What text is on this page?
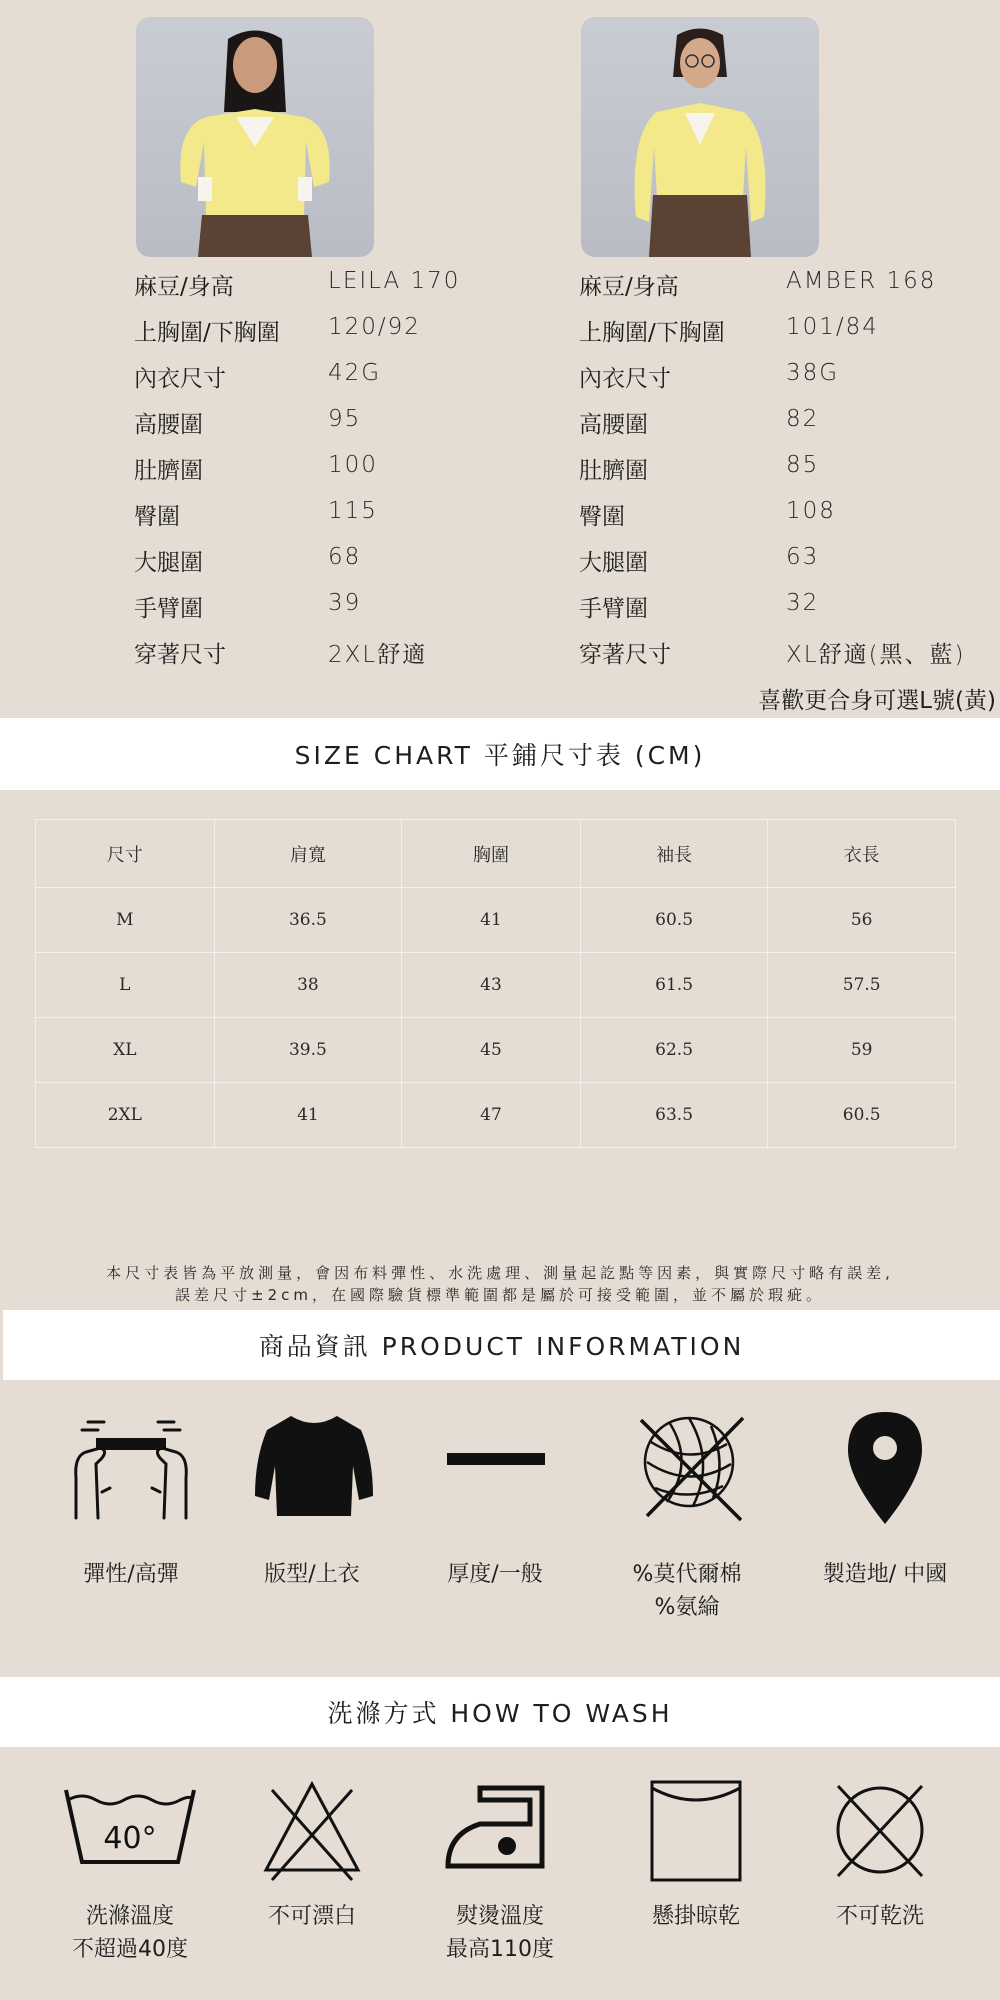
麻豆/身高	LEILA 170
上胸圍/下胸圍 120/92
內衣尺寸	42G
高腰圍	95
肚臍圍	100
臀圍	115
大腿圍	68
手臂圍	39
穿著尺寸	2XL舒適
麻豆/身高	AMBER 168
上胸圍/下胸圍	101/84
內衣尺寸	38G
高腰圍	82
肚臍圍	85
臀圍	108
大腿圍	63
手臂圍	32
穿著尺寸	XL舒適(黑、藍)
喜歡更合身可選L號(黃)
SIZE CHART 平鋪尺寸表 (CM)
尺寸	肩寬	胸圍	袖長	衣長
M	36.5	41	60.5	56
L	38	43	61.5	57.5
XL	39.5	45	62.5	59
2XL	41	47	63.5	60.5
本尺寸表皆為平放測量，會因布料彈性、水洗處理、測量起訖點等因素，與實際尺寸略有誤差,
誤差尺寸±2cm，在國際驗貨標準範圍都是屬於可接受範圍，並不屬於瑕疵。
商品資訊 PRODUCT INFORMATION
彈性/高彈	版型/上衣	厚度/一般	%莫代爾棉
%氨綸
製造地/ 中國
洗滌方式 HOW TO WASH
40°
洗滌溫度
不超過40度
不可漂白	熨燙溫度
最高110度
懸掛晾乾	不可乾洗
